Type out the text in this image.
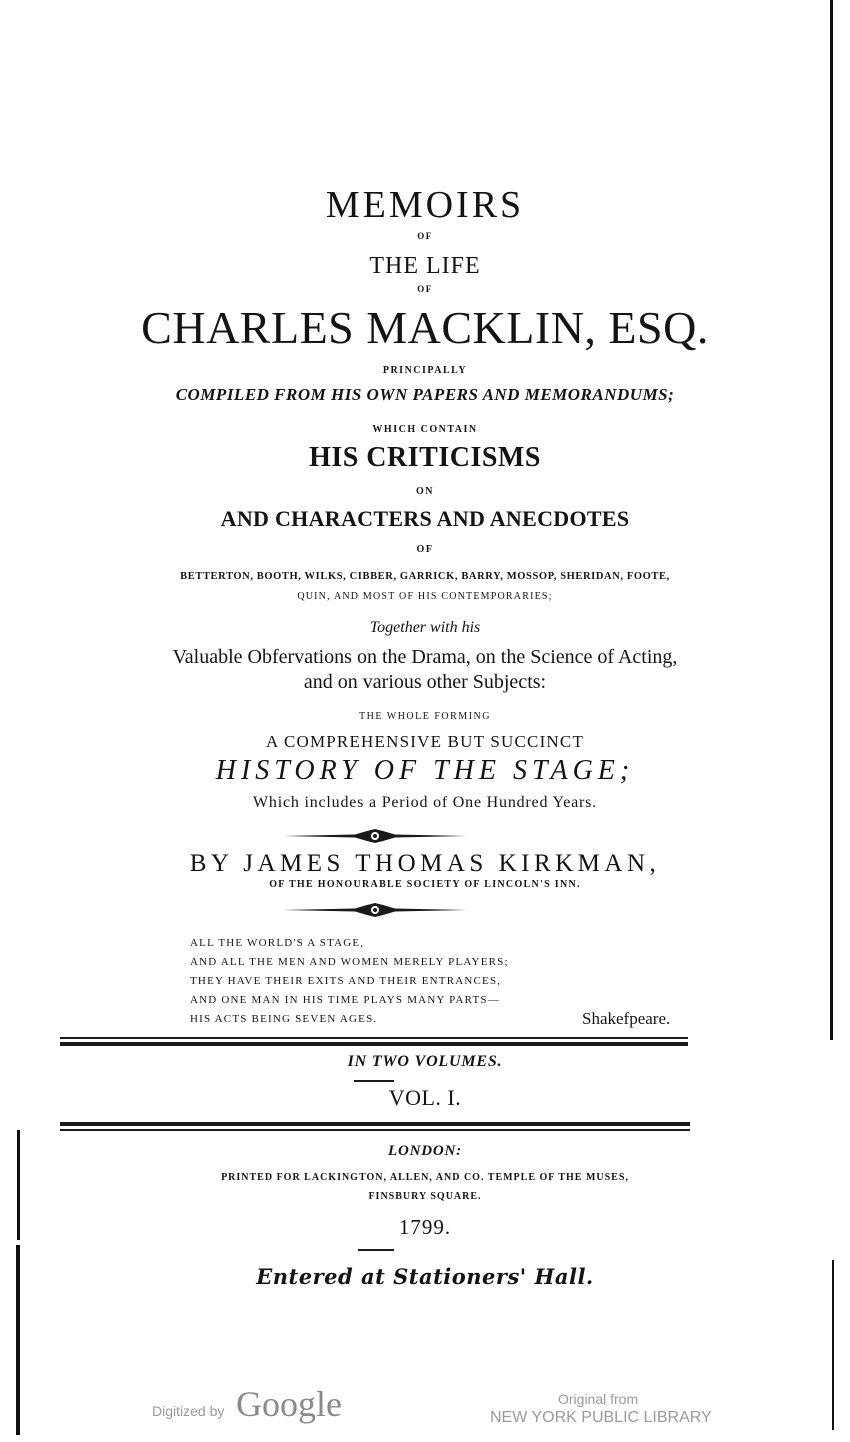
MEMOIRS
OF
THE LIFE
OF
CHARLES MACKLIN, ESQ.
PRINCIPALLY
COMPILED FROM HIS OWN PAPERS AND MEMORANDUMS;
WHICH CONTAIN
HIS CRITICISMS
ON
AND CHARACTERS AND ANECDOTES
OF
BETTERTON, BOOTH, WILKS, CIBBER, GARRICK, BARRY, MOSSOP, SHERIDAN, FOOTE,
QUIN, AND MOST OF HIS CONTEMPORARIES;
Together with his
Valuable Obfervations on the Drama, on the Science of Acting,
and on various other Subjects:
THE WHOLE FORMING
A COMPREHENSIVE BUT SUCCINCT
HISTORY OF THE STAGE;
Which includes a Period of One Hundred Years.
BY JAMES THOMAS KIRKMAN,
OF THE HONOURABLE SOCIETY OF LINCOLN'S INN.
ALL THE WORLD'S A STAGE,
AND ALL THE MEN AND WOMEN MERELY PLAYERS;
THEY HAVE THEIR EXITS AND THEIR ENTRANCES,
AND ONE MAN IN HIS TIME PLAYS MANY PARTS—
HIS ACTS BEING SEVEN AGES.	Shakefpeare.
IN TWO VOLUMES.
VOL. I.
LONDON:
PRINTED FOR LACKINGTON, ALLEN, AND CO. TEMPLE OF THE MUSES,
FINSBURY SQUARE.
1799.
Entered at Stationers' Hall.
Digitized by Google	Original from
NEW YORK PUBLIC LIBRARY
